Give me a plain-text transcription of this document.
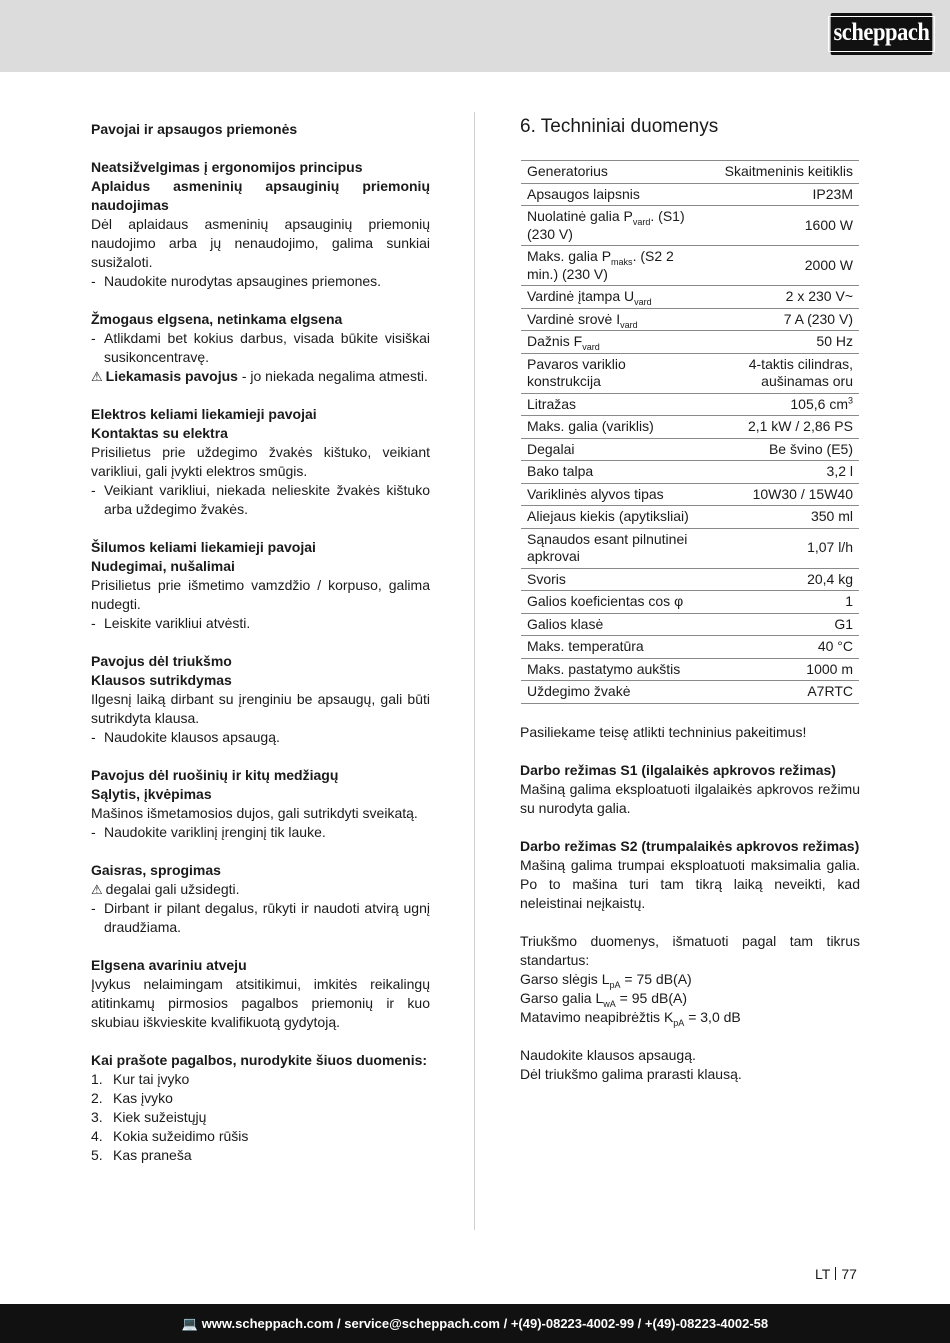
scheppach
Pavojai ir apsaugos priemonės
Neatsižvelgimas į ergonomijos principus
Aplaidus asmeninių apsauginių priemonių naudojimas
Dėl aplaidaus asmeninių apsauginių priemonių naudojimo arba jų nenaudojimo, galima sunkiai susižaloti.
- Naudokite nurodytas apsaugines priemones.
Žmogaus elgsena, netinkama elgsena
- Atlikdami bet kokius darbus, visada būkite visiškai susikoncentravę.
⚠ Liekamasis pavojus - jo niekada negalima atmesti.
Elektros keliami liekamieji pavojai
Kontaktas su elektra
Prisilietus prie uždegimo žvakės kištuko, veikiant varikliui, gali įvykti elektros smūgis.
- Veikiant varikliui, niekada nelieskite žvakės kištuko arba uždegimo žvakės.
Šilumos keliami liekamieji pavojai
Nudegimai, nušalimai
Prisilietus prie išmetimo vamzdžio / korpuso, galima nudegti.
- Leiskite varikliui atvėsti.
Pavojus dėl triukšmo
Klausos sutrikdymas
Ilgesnį laiką dirbant su įrenginiu be apsaugų, gali būti sutrikdyta klausa.
- Naudokite klausos apsaugą.
Pavojus dėl ruošinių ir kitų medžiagų
Sąlytis, įkvėpimas
Mašinos išmetamosios dujos, gali sutrikdyti sveikatą.
- Naudokite variklinį įrenginį tik lauke.
Gaisras, sprogimas
⚠ degalai gali užsidegti.
- Dirbant ir pilant degalus, rūkyti ir naudoti atvirą ugnį draudžiama.
Elgsena avariniu atveju
Įvykus nelaimingam atsitikimui, imkitės reikalingų atitinkamų pirmosios pagalbos priemonių ir kuo skubiau iškvieskite kvalifikuotą gydytoją.
Kai prašote pagalbos, nurodykite šiuos duomenis:
1. Kur tai įvyko
2. Kas įvyko
3. Kiek sužeistųjų
4. Kokia sužeidimo rūšis
5. Kas praneša
6. Techniniai duomenys
Generatorius	Skaitmeninis keitiklis
Apsaugos laipsnis	IP23M
Nuolatinė galia $P_{vard}$. (S1) (230 V)	1600 W
Maks. galia $P_{maks}$. (S2 2 min.) (230 V)	2000 W
Vardinė įtampa $U_{vard}$	2 x 230 V~
Vardinė srovė $I_{vard}$	7 A (230 V)
Dažnis $F_{vard}$	50 Hz
Pavaros variklio konstrukcija	4-taktis cilindras, aušinamas oru
Litražas	105,6 $cm^3$
Maks. galia (variklis)	2,1 kW / 2,86 PS
Degalai	Be švino (E5)
Bako talpa	3,2 l
Variklinės alyvos tipas	10W30 / 15W40
Aliejaus kiekis (apytiksliai)	350 ml
Sąnaudos esant pilnutinei apkrovai	1,07 l/h
Svoris	20,4 kg
Galios koeficientas cos φ	1
Galios klasė	G1
Maks. temperatūra	40 °C
Maks. pastatymo aukštis	1000 m
Uždegimo žvakė	A7RTC
Pasiliekame teisę atlikti techninius pakeitimus!
Darbo režimas S1 (ilgalaikės apkrovos režimas)
Mašiną galima eksploatuoti ilgalaikės apkrovos režimu su nurodyta galia.
Darbo režimas S2 (trumpalaikės apkrovos režimas)
Mašiną galima trumpai eksploatuoti maksimalia galia. Po to mašina turi tam tikrą laiką neveikti, kad neleistinai neįkaistų.
Triukšmo duomenys, išmatuoti pagal tam tikrus standartus:
Garso slėgis $L_{pA} = 75$ dB(A)
Garso galia $L_{wA} = 95$ dB(A)
Matavimo neapibrėžtis $K_{pA} = 3,0$ dB
Naudokite klausos apsaugą.
Dėl triukšmo galima prarasti klausą.
LT 77
💻 www.scheppach.com / service@scheppach.com / +(49)-08223-4002-99 / +(49)-08223-4002-58
